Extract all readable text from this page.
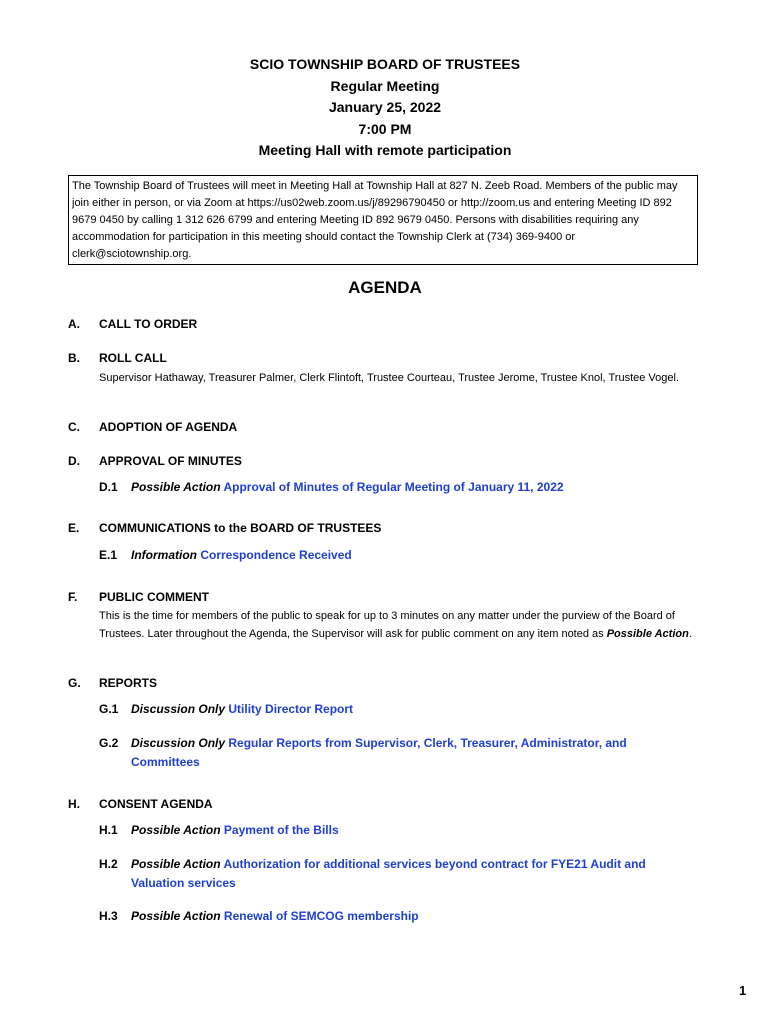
SCIO TOWNSHIP BOARD OF TRUSTEES
Regular Meeting
January 25, 2022
7:00 PM
Meeting Hall with remote participation
The Township Board of Trustees will meet in Meeting Hall at Township Hall at 827 N. Zeeb Road. Members of the public may join either in person, or via Zoom at https://us02web.zoom.us/j/89296790450 or http://zoom.us and entering Meeting ID 892 9679 0450 by calling 1 312 626 6799 and entering Meeting ID 892 9679 0450. Persons with disabilities requiring any accommodation for participation in this meeting should contact the Township Clerk at (734) 369-9400 or clerk@sciotownship.org.
AGENDA
A. CALL TO ORDER
B. ROLL CALL
Supervisor Hathaway, Treasurer Palmer, Clerk Flintoft, Trustee Courteau, Trustee Jerome, Trustee Knol, Trustee Vogel.
C. ADOPTION OF AGENDA
D. APPROVAL OF MINUTES
D.1 Possible Action Approval of Minutes of Regular Meeting of January 11, 2022
E. COMMUNICATIONS to the BOARD OF TRUSTEES
E.1 Information Correspondence Received
F. PUBLIC COMMENT
This is the time for members of the public to speak for up to 3 minutes on any matter under the purview of the Board of Trustees. Later throughout the Agenda, the Supervisor will ask for public comment on any item noted as Possible Action.
G. REPORTS
G.1 Discussion Only Utility Director Report
G.2 Discussion Only Regular Reports from Supervisor, Clerk, Treasurer, Administrator, and
Committees
H. CONSENT AGENDA
H.1 Possible Action Payment of the Bills
H.2 Possible Action Authorization for additional services beyond contract for FYE21 Audit and
Valuation services
H.3 Possible Action Renewal of SEMCOG membership
1
